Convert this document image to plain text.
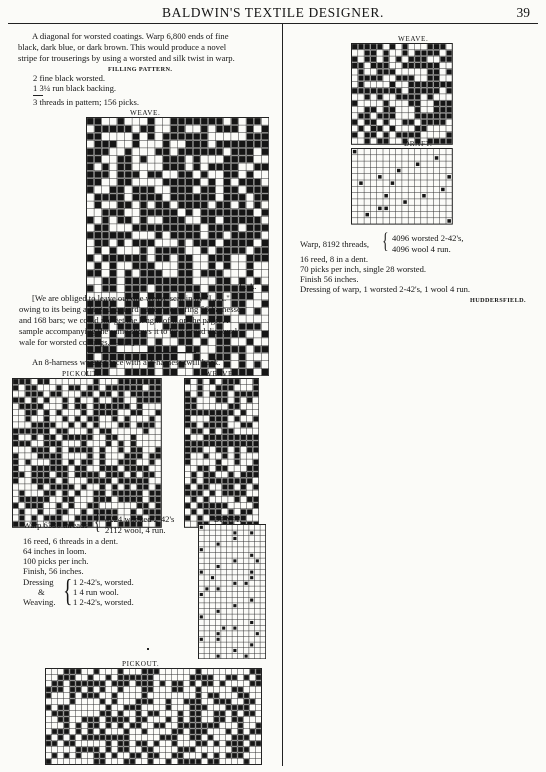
BALDWIN'S TEXTILE DESIGNER.	39
A diagonal for worsted coatings. Warp 6,800 ends of fine
black, dark blue, or dark brown. This would produce a novel
stripe for trouserings by using a worsted and silk twist in warp.
FILLING PATTERN.
2 fine black worsted.
1 3¼ run black backing.
3 threads in pattern; 156 picks.
WEAVE.
L. A.
[We are obliged to leave out one weave sent in by "L. A."
owing to its being a large Jacquard pattern requiring 56 harnesses
and 168 bars; we could not get the length of it on the page. A
sample accompanying the same shows it to be a broad diagonal
wale for worsted coatings.—ED.]
An 8-harness worsted face with a 4-harness twill back.
PICKOUT.	WEAVE.
Warp 6336 threads { 4224 worsted 2-42's
2112 wool, 4 run.
16 reed, 6 threads in a dent.
64 inches in loom.
100 picks per inch.
Finish, 56 inches.
Dressing
&
Weaving. { 1 2-42's, worsted.
1 4 run wool.
1 2-42's, worsted.
DRAFT.
PICKOUT.
WEAVE.
DRAFT.
Warp, 8192 threads, { 4096 worsted 2-42's,
4096 wool 4 run.
16 reed, 8 in a dent.
70 picks per inch, single 28 worsted.
Finish 56 inches.
Dressing of warp, 1 worsted 2-42's, 1 wool 4 run.
HUDDERSFIELD.
